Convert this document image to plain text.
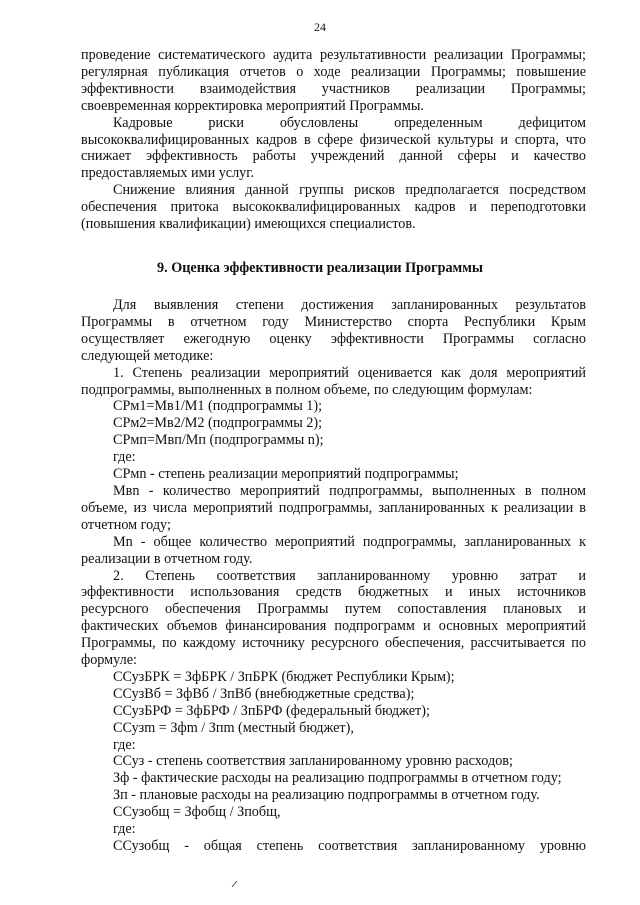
24
проведение систематического аудита результативности реализации Программы;
регулярная публикация отчетов о ходе реализации Программы; повышение
эффективности взаимодействия участников реализации Программы;
своевременная корректировка мероприятий Программы.
Кадровые риски обусловлены определенным дефицитом
высококвалифицированных кадров в сфере физической культуры и спорта, что
снижает эффективность работы учреждений данной сферы и качество
предоставляемых ими услуг.
Снижение влияния данной группы рисков предполагается посредством
обеспечения притока высококвалифицированных кадров и переподготовки
(повышения квалификации) имеющихся специалистов.
9. Оценка эффективности реализации Программы
Для выявления степени достижения запланированных результатов
Программы в отчетном году Министерство спорта Республики Крым
осуществляет ежегодную оценку эффективности Программы согласно
следующей методике:
1. Степень реализации мероприятий оценивается как доля мероприятий
подпрограммы, выполненных в полном объеме, по следующим формулам:
СРм1=Мв1/М1 (подпрограммы 1);
СРм2=Мв2/М2 (подпрограммы 2);
СРмп=Мвп/Мп (подпрограммы n);
где:
СРмn - степень реализации мероприятий подпрограммы;
Мвn - количество мероприятий подпрограммы, выполненных в полном
объеме, из числа мероприятий подпрограммы, запланированных к реализации в
отчетном году;
Мn - общее количество мероприятий подпрограммы, запланированных к
реализации в отчетном году.
2. Степень соответствия запланированному уровню затрат и
эффективности использования средств бюджетных и иных источников
ресурсного обеспечения Программы путем сопоставления плановых и
фактических объемов финансирования подпрограмм и основных мероприятий
Программы, по каждому источнику ресурсного обеспечения, рассчитывается по
формуле:
ССузБРК = ЗфБРК / ЗпБРК (бюджет Республики Крым);
ССузВб = ЗфВб / ЗпВб (внебюджетные средства);
ССузБРФ = ЗфБРФ / ЗпБРФ (федеральный бюджет);
ССузm = Зфm / Зпm (местный бюджет),
где:
ССуз - степень соответствия запланированному уровню расходов;
Зф - фактические расходы на реализацию подпрограммы в отчетном году;
Зп - плановые расходы на реализацию подпрограммы в отчетном году.
ССузобщ = Зфобщ / Зпобщ,
где:
ССузобщ - общая степень соответствия запланированному уровню
